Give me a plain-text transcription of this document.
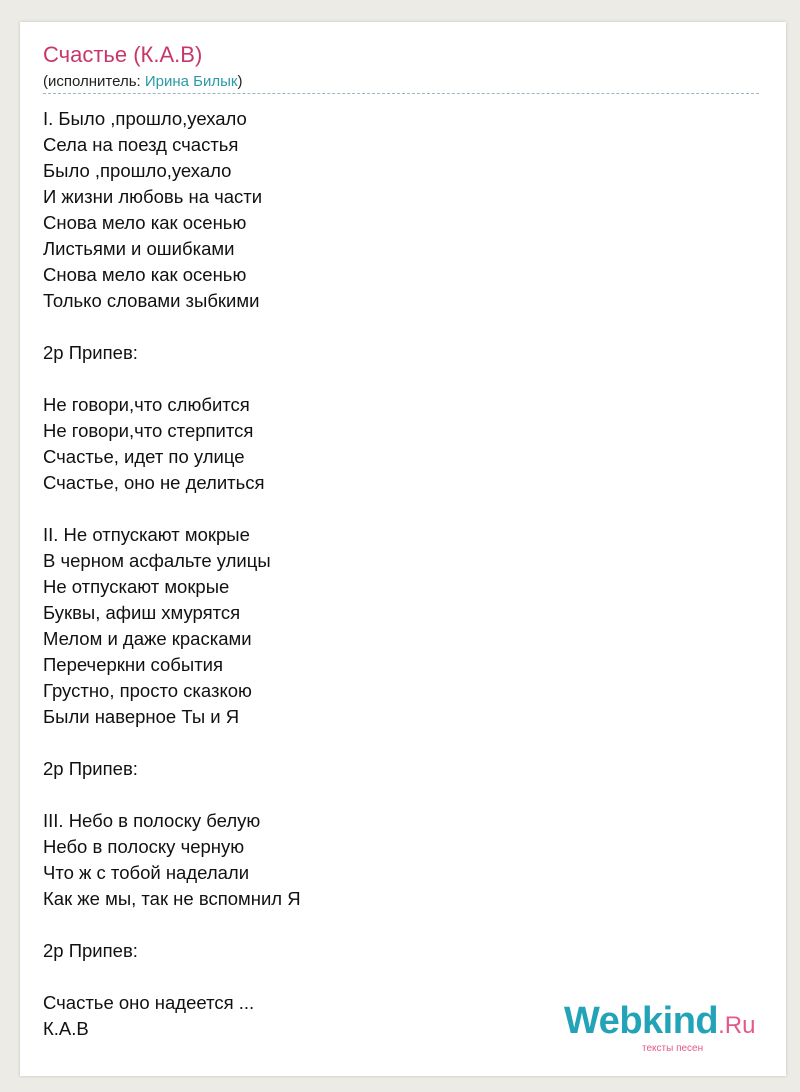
Счастье (К.А.В)
(исполнитель: Ирина Билык)
I. Было ,прошло,уехало
Села на поезд счастья
Было ,прошло,уехало
И жизни любовь на части
Снова мело как осенью
Листьями и ошибками
Снова мело как осенью
Только словами зыбкими
2р Припев:
Не говори,что слюбится
Не говори,что стерпится
Счастье, идет по улице
Счастье, оно не делиться
II. Не отпускают мокрые
В черном асфальте улицы
Не отпускают мокрые
Буквы, афиш хмурятся
Мелом и даже красками
Перечеркни события
Грустно, просто сказкою
Были наверное Ты и Я
2р Припев:
III. Небо в полоску белую
Небо в полоску черную
Что ж с тобой наделали
Как же мы, так не вспомнил Я
2р Припев:
Счастье оно надеется ...
К.А.В	Webkind.Ru
тексты песен
